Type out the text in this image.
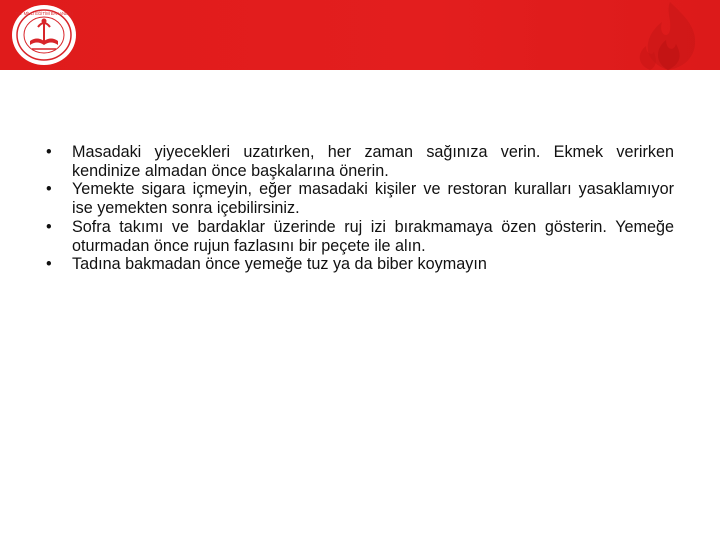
T.C. MİLLİ EĞİTİM BAKANLIĞI
•	Masadaki yiyecekleri uzatırken, her zaman sağınıza verin. Ekmek verirken kendinize almadan önce başkalarına önerin.
•	Yemekte sigara içmeyin, eğer masadaki kişiler ve restoran kuralları yasaklamıyor ise yemekten sonra içebilirsiniz.
•	Sofra takımı ve bardaklar üzerinde ruj izi bırakmamaya özen gösterin. Yemeğe oturmadan önce rujun fazlasını bir peçete ile alın.
•	Tadına bakmadan önce yemeğe tuz ya da biber koymayın
